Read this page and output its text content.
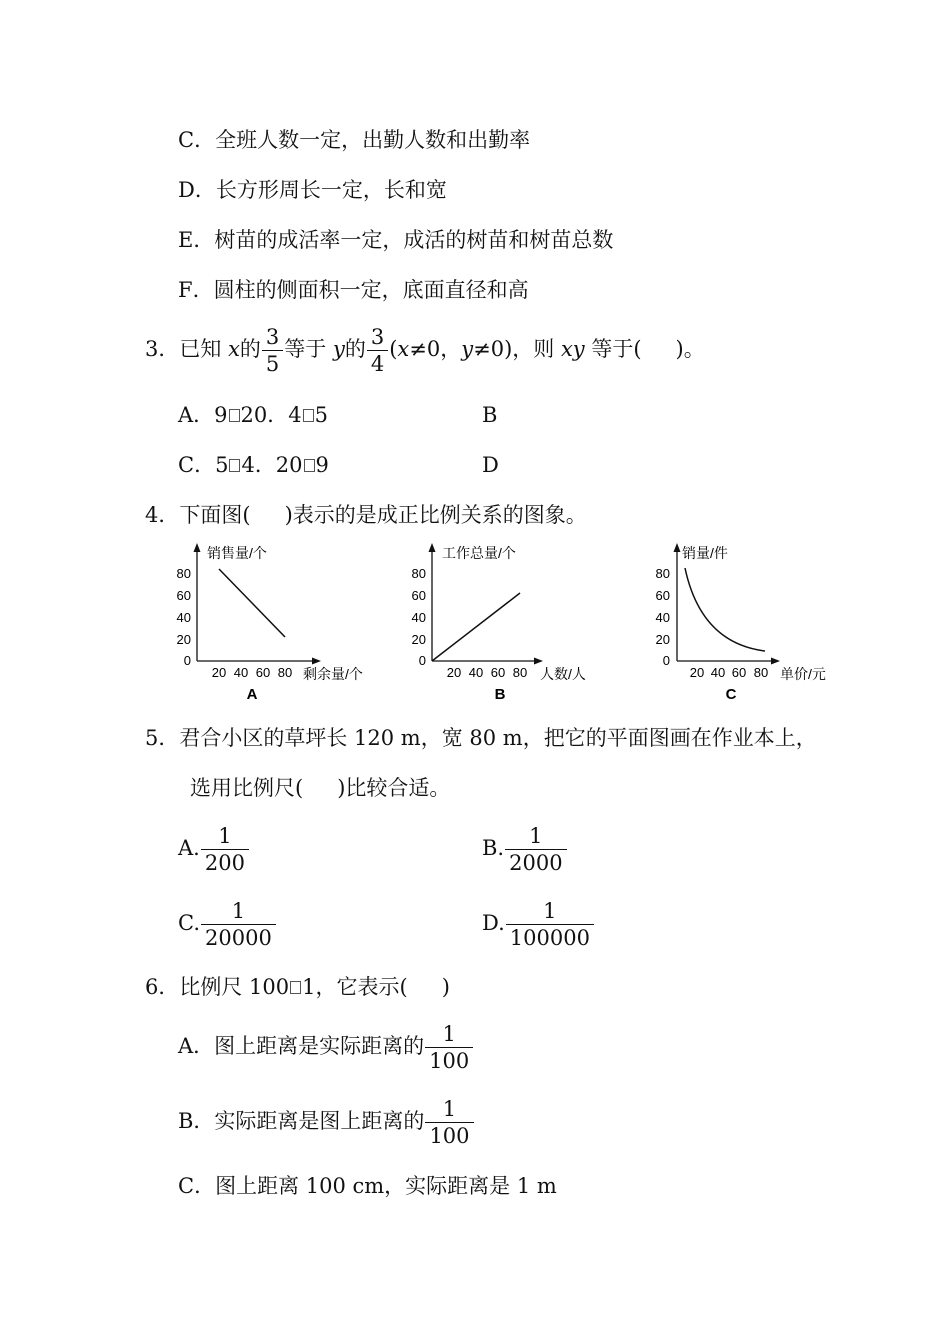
C．全班人数一定，出勤人数和出勤率
D．长方形周长一定，长和宽
E．树苗的成活率一定，成活的树苗和树苗总数
F．圆柱的侧面积一定，底面直径和高
3．已知 x的 $\frac{3}{5}$ 等于 y的 $\frac{3}{4} (x\ne 0$，y≠0)，则 xy 等于( )。
A．9 20．4 5	B
C．5 4．20 9	D
4．下面图( )表示的是成正比例关系的图象。
销售量/个
80
60
40
20
0
20 40 60 80 剩余量/个
A
工作总量/个
80
60
40
20
0
20 40 60 80 人数/人
B
销量/件
80
60
40
20
0
20 40 60 80 单价/元
C
5．君合小区的草坪长 120 m，宽 80 m，把它的平面图画在作业本上，
选用比例尺( )比较合适。
A. $\frac{1}{200}$	B. $\frac{1}{2000}$
C. $\frac{1}{20000}$	D. $\frac{1}{100000}$
6．比例尺 100 1，它表示( )
A．图上距离是实际距离的 $\frac{1}{100}$
B．实际距离是图上距离的 $\frac{1}{100}$
C．图上距离 100 cm，实际距离是 1 m
